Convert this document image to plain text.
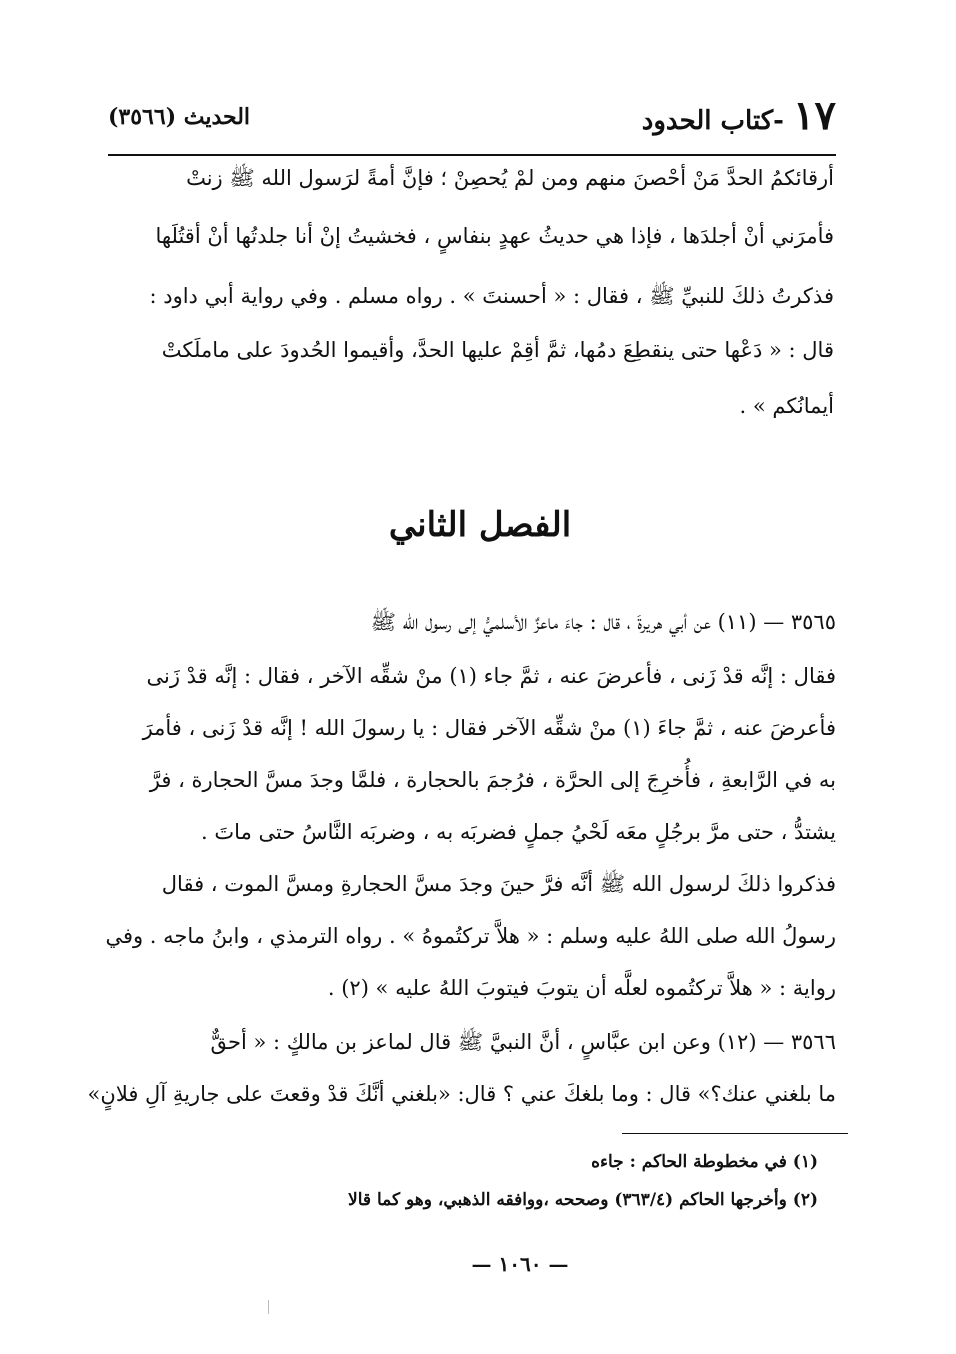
١٧ -كتاب الحدود
الحديث (٣٥٦٦)
أرقائكمُ الحدَّ مَنْ أحْصنَ منهم ومن لمْ يُحصِنْ ؛ فإنَّ أمةً لرَسول الله ﷺ زنتْ
فأمرَني أنْ أجلدَها ، فإذا هي حديثُ عهدٍ بنفاسٍ ، فخشيتُ إنْ أنا جلدتُها أنْ أقتُلَها
فذكرتُ ذلكَ للنبيِّ ﷺ ، فقال : « أحسنتَ » . رواه مسلم . وفي رواية أبي داود :
قال : « دَعْها حتى ينقطِعَ دمُها، ثمَّ أقِمْ عليها الحدَّ، وأقيموا الحُدودَ على ماملَكتْ
أيمانُكم » .
الفصل الثاني
٣٥٦٥ — (١١) عن أبي هريرةَ ، قال : جاءَ ماعزٌ الأسلميُّ إلى رسول الله ﷺ
فقال : إنَّه قدْ زَنى ، فأعرضَ عنه ، ثمَّ جاء (١) منْ شقِّه الآخر ، فقال : إنَّه قدْ زَنى
فأعرضَ عنه ، ثمَّ جاءَ (١) منْ شقِّه الآخر فقال : يا رسولَ الله ! إنَّه قدْ زَنى ، فأمرَ
به في الرَّابعةِ ، فأُخرِجَ إلى الحرَّة ، فرُجمَ بالحجارة ، فلمَّا وجدَ مسَّ الحجارة ، فرَّ
يشتدُّ ، حتى مرَّ برجُلٍ معَه لَحْيُ جملٍ فضربَه به ، وضربَه النَّاسُ حتى ماتَ .
فذكروا ذلكَ لرسول الله ﷺ أنَّه فرَّ حينَ وجدَ مسَّ الحجارةِ ومسَّ الموت ، فقال
رسولُ الله صلى اللهُ عليه وسلم : « هلاَّ تركتُموهُ » . رواه الترمذي ، وابنُ ماجه . وفي
رواية : « هلاَّ تركتُموه لعلَّه أن يتوبَ فيتوبَ اللهُ عليه » (٢) .
٣٥٦٦ — (١٢) وعن ابن عبَّاسٍ ، أنَّ النبيَّ ﷺ قال لماعز بن مالكٍ : « أحقٌّ
ما بلغني عنك؟» قال : وما بلغكَ عني ؟ قال: «بلغني أنَّكَ قدْ وقعتَ على جاريةِ آلِ فلانٍ»
(١) في مخطوطة الحاكم : جاءه
(٢) وأخرجها الحاكم (٣٦٣/٤) وصححه ،ووافقه الذهبي، وهو كما قالا
— ١٠٦٠ —
